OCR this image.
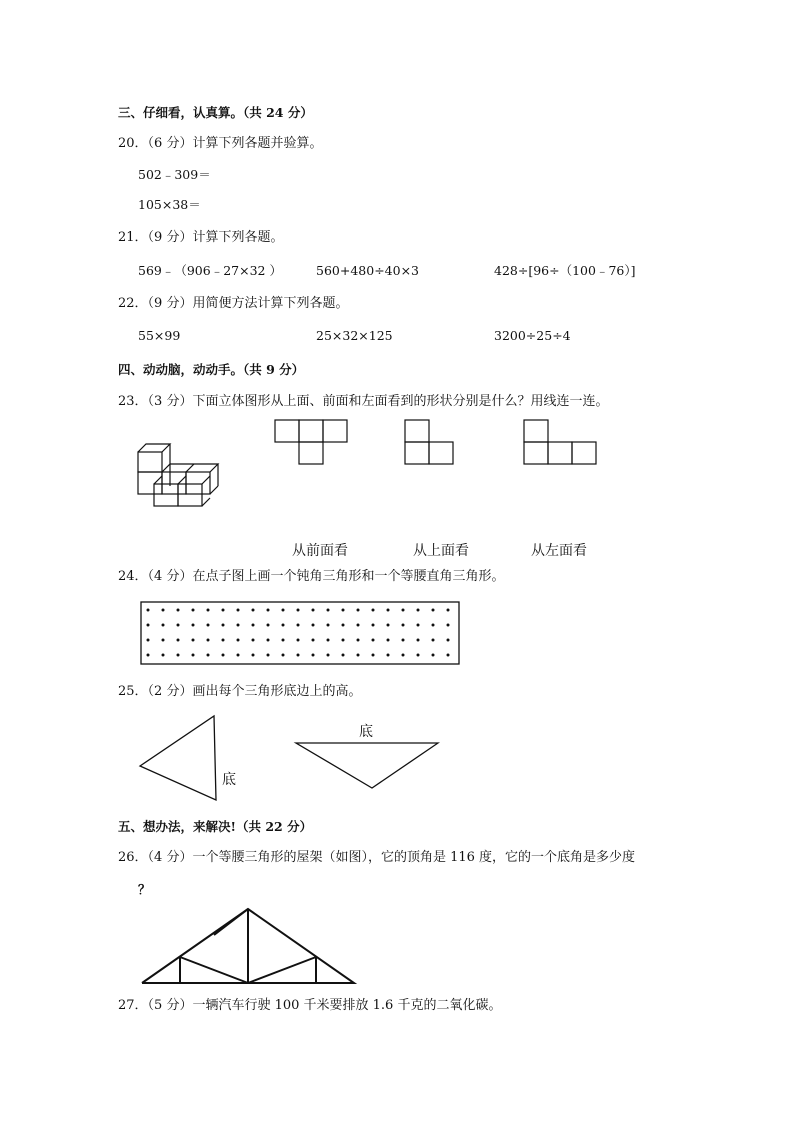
三、仔细看，认真算。（共 24 分）
20．（6 分）计算下列各题并验算。
502﹣309＝
105×38＝
21．（9 分）计算下列各题。
569﹣（906﹣27×32 ）	560+480÷40×3	428÷[96÷（100﹣76）]
22．（9 分）用简便方法计算下列各题。
55×99	25×32×125	3200÷25÷4
四、动动脑，动动手。（共 9 分）
23．（3 分）下面立体图形从上面、前面和左面看到的形状分别是什么？用线连一连。
从前面看	从上面看	从左面看
24．（4 分）在点子图上画一个钝角三角形和一个等腰直角三角形。
25．（2 分）画出每个三角形底边上的高。
底
底
五、想办法，来解决!（共 22 分）
26．（4 分）一个等腰三角形的屋架（如图），它的顶角是 116 度，它的一个底角是多少度
？
27．（5 分）一辆汽车行驶 100 千米要排放 1.6 千克的二氧化碳。
